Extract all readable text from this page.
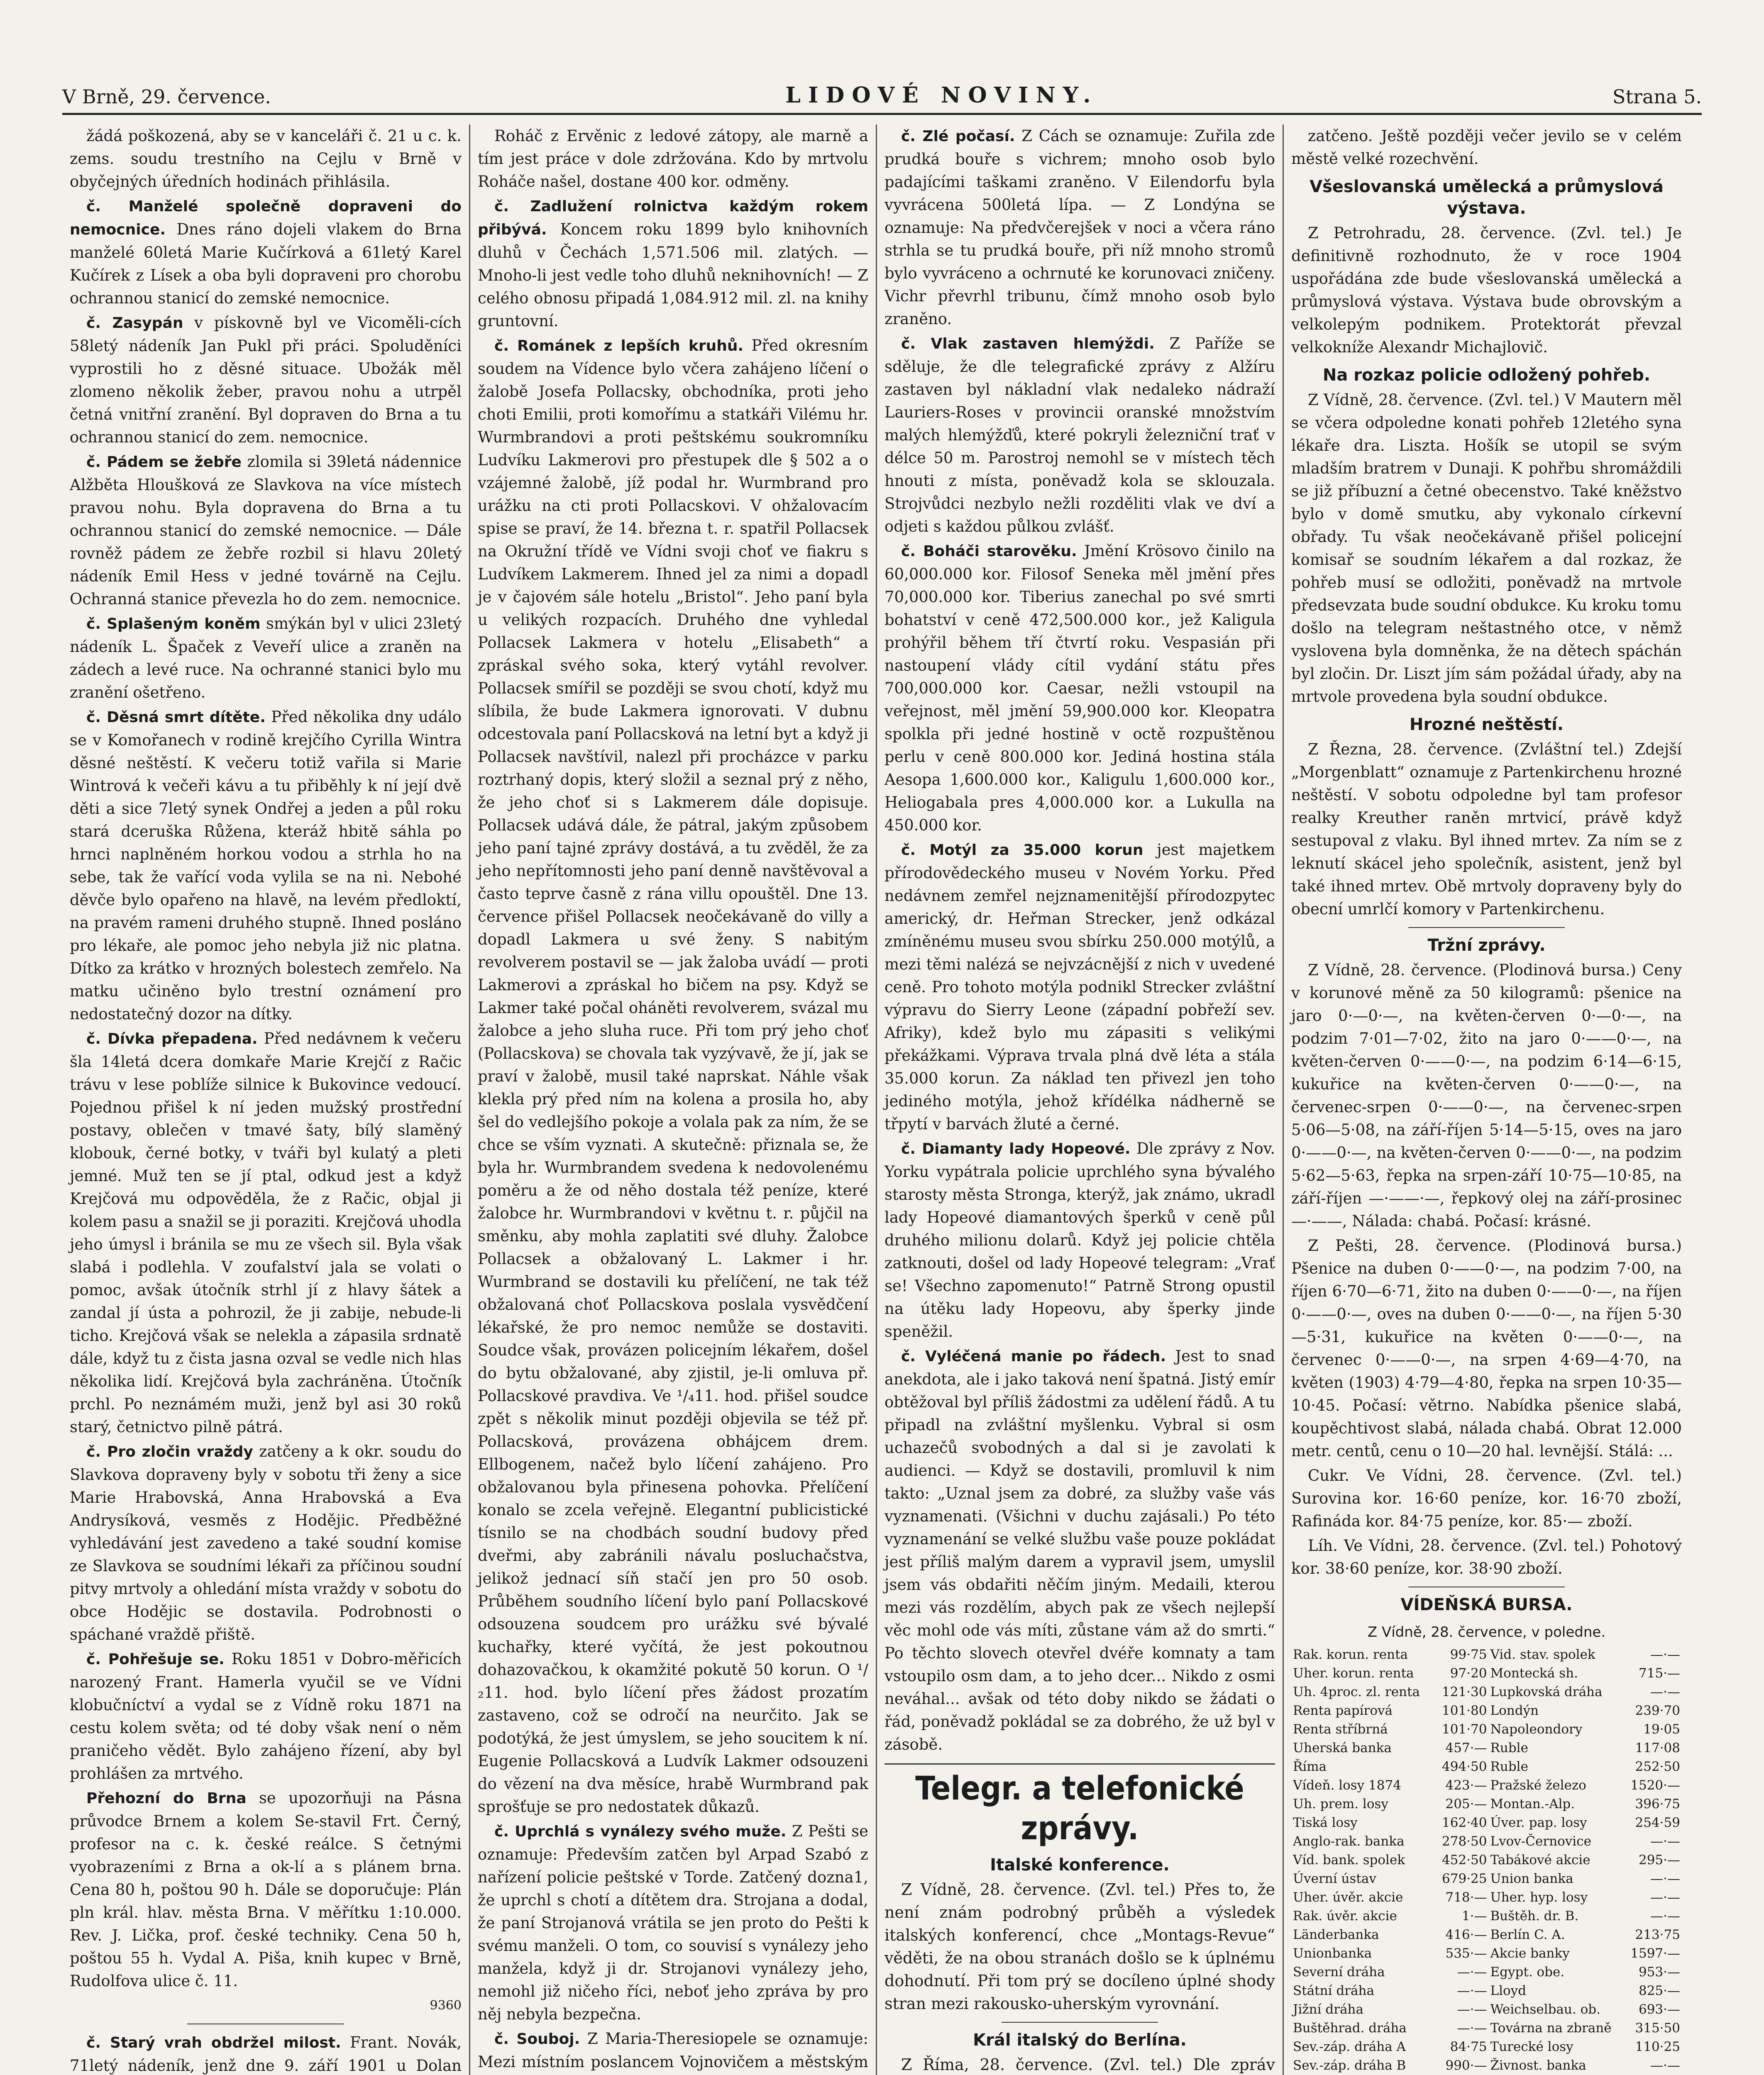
V Brně, 29. července.	LIDOVÉ NOVINY.	Strana 5.

žádá poškozená, aby se v kanceláři č. 21 u c. k. zems. soudu trestního na Cejlu v Brně v obyčejných úředních hodinách přihlásila.

č. Manželé společně dopraveni do nemocnice. Dnes ráno dojeli vlakem do Brna manželé 60letá Marie Kučírková a 61letý Karel Kučírek z Lísek a oba byli dopraveni pro chorobu ochrannou stanicí do zemské nemocnice.

č. Zasypán v pískovně byl ve Vicoměli-cích 58letý nádeník Jan Pukl při práci. Spoluděníci vyprostili ho z děsné situace. Ubožák měl zlomeno několik žeber, pravou nohu a utrpěl četná vnitřní zranění. Byl dopraven do Brna a tu ochrannou stanicí do zem. nemocnice.

č. Pádem se žebře zlomila si 39letá nádennice Alžběta Hloušková ze Slavkova na více místech pravou nohu. Byla dopravena do Brna a tu ochrannou stanicí do zemské nemocnice. — Dále rovněž pádem ze žebře rozbil si hlavu 20letý nádeník Emil Hess v jedné továrně na Cejlu. Ochranná stanice převezla ho do zem. nemocnice.

č. Splašeným koněm smýkán byl v ulici 23letý nádeník L. Špaček z Veveří ulice a zraněn na zádech a levé ruce. Na ochranné stanici bylo mu zranění ošetřeno.

č. Děsná smrt dítěte. Před několika dny událo se v Komořanech v rodině krejčího Cyrilla Wintra děsné neštěstí. K večeru totiž vařila si Marie Wintrová k večeři kávu a tu přiběhly k ní její dvě děti a sice 7letý synek Ondřej a jeden a půl roku stará dceruška Růžena, kteráž hbitě sáhla po hrnci naplněném horkou vodou a strhla ho na sebe, tak že vařící voda vylila se na ni. Nebohé děvče bylo opařeno na hlavě, na levém předloktí, na pravém rameni druhého stupně. Ihned posláno pro lékaře, ale pomoc jeho nebyla již nic platna. Dítko za krátko v hrozných bolestech zemřelo. Na matku učiněno bylo trestní oznámení pro nedostatečný dozor na dítky.

č. Dívka přepadena. Před nedávnem k večeru šla 14letá dcera domkaře Marie Krejčí z Račic trávu v lese poblíže silnice k Bukovince vedoucí. Pojednou přišel k ní jeden mužský prostřední postavy, oblečen v tmavé šaty, bílý slaměný klobouk, černé botky, v tváři byl kulatý a pleti jemné. Muž ten se jí ptal, odkud jest a když Krejčová mu odpověděla, že z Račic, objal ji kolem pasu a snažil se ji poraziti. Krejčová uhodla jeho úmysl i bránila se mu ze všech sil. Byla však slabá i podlehla. V zoufalství jala se volati o pomoc, avšak útočník strhl jí z hlavy šátek a zandal jí ústa a pohrozil, že ji zabije, nebude-li ticho. Krejčová však se nelekla a zápasila srdnatě dále, když tu z čista jasna ozval se vedle nich hlas několika lidí. Krejčová byla zachráněna. Útočník prchl. Po neznámém muži, jenž byl asi 30 roků starý, četnictvo pilně pátrá.

č. Pro zločin vraždy zatčeny a k okr. soudu do Slavkova dopraveny byly v sobotu tři ženy a sice Marie Hrabovská, Anna Hrabovská a Eva Andrysíková, vesměs z Hodějic. Předběžné vyhledávání jest zavedeno a také soudní komise ze Slavkova se soudními lékaři za příčinou soudní pitvy mrtvoly a ohledání místa vraždy v sobotu do obce Hodějic se dostavila. Podrobnosti o spáchané vraždě přiště.

č. Pohřešuje se. Roku 1851 v Dobro-měřicích narozený Frant. Hamerla vyučil se ve Vídni klobučníctví a vydal se z Vídně roku 1871 na cestu kolem světa; od té doby však není o něm praničeho vědět. Bylo zahájeno řízení, aby byl prohlášen za mrtvého.

Přehozní do Brna se upozorňuji na Pásna průvodce Brnem a kolem Se-stavil Frt. Černý, profesor na c. k. české reálce. S četnými vyobrazeními z Brna a ok-lí a s plánem brna. Cena 80 h, poštou 90 h. Dále se doporučuje: Plán pln král. hlav. města Brna. V měřítku 1:10.000. Rev. J. Lička, prof. české techniky. Cena 50 h, poštou 55 h. Vydal A. Piša, knih kupec v Brně, Rudolfova ulice č. 11.

9360

č. Starý vrah obdržel milost. Frant. Novák, 71letý nádeník, jenž dne 9. září 1901 u Dolan

Roháč z Ervěnic z ledové zátopy, ale marně a tím jest práce v dole zdržována. Kdo by mrtvolu Roháče našel, dostane 400 kor. odměny.

č. Zadlužení rolnictva každým rokem přibývá. Koncem roku 1899 bylo knihovních dluhů v Čechách 1,571.506 mil. zlatých. — Mnoho-li jest vedle toho dluhů neknihovních! — Z celého obnosu připadá 1,084.912 mil. zl. na knihy gruntovní.

č. Románek z lepších kruhů. Před okresním soudem na Vídence bylo včera zahájeno líčení o žalobě Josefa Pollacsky, obchodníka, proti jeho choti Emilii, proti komořímu a statkáři Vilému hr. Wurmbrandovi a proti peštskému soukromníku Ludvíku Lakmerovi pro přestupek dle § 502 a o vzájemné žalobě, jíž podal hr. Wurmbrand pro urážku na cti proti Pollacskovi. V ohžalovacím spise se praví, že 14. března t. r. spatřil Pollacsek na Okružní třídě ve Vídni svoji choť ve fiakru s Ludvíkem Lakmerem. Ihned jel za nimi a dopadl je v čajovém sále hotelu „Bristol“. Jeho paní byla u velikých rozpacích. Druhého dne vyhledal Pollacsek Lakmera v hotelu „Elisabeth“ a zpráskal svého soka, který vytáhl revolver. Pollacsek smířil se později se svou chotí, když mu slíbila, že bude Lakmera ignorovati. V dubnu odcestovala paní Pollacsková na letní byt a když ji Pollacsek navštívil, nalezl při procházce v parku roztrhaný dopis, který složil a seznal prý z něho, že jeho choť si s Lakmerem dále dopisuje. Pollacsek udává dále, že pátral, jakým způsobem jeho paní tajné zprávy dostává, a tu zvěděl, že za jeho nepřítomnosti jeho paní denně navštěvoval a často teprve časně z rána villu opouštěl. Dne 13. července přišel Pollacsek neočekávaně do villy a dopadl Lakmera u své ženy. S nabitým revolverem postavil se — jak žaloba uvádí — proti Lakmerovi a zpráskal ho bičem na psy. Když se Lakmer také počal oháněti revolverem, svázal mu žalobce a jeho sluha ruce. Při tom prý jeho choť (Pollacskova) se chovala tak vyzývavě, že jí, jak se praví v žalobě, musil také naprskat. Náhle však klekla prý před ním na kolena a prosila ho, aby šel do vedlejšího pokoje a volala pak za ním, že se chce se vším vyznati. A skutečně: přiznala se, že byla hr. Wurmbrandem svedena k nedovolenému poměru a že od něho dostala též peníze, které žalobce hr. Wurmbrandovi v květnu t. r. půjčil na směnku, aby mohla zaplatiti své dluhy. Žalobce Pollacsek a obžalovaný L. Lakmer i hr. Wurmbrand se dostavili ku přelíčení, ne tak též obžalovaná choť Pollacskova poslala vysvědčení lékařské, že pro nemoc nemůže se dostaviti. Soudce však, provázen policejním lékařem, došel do bytu obžalované, aby zjistil, je-li omluva př. Pollacskové pravdiva. Ve ¹/₄11. hod. přišel soudce zpět s několik minut později objevila se též př. Pollacsková, provázena obhájcem drem. Ellbogenem, načež bylo líčení zahájeno. Pro obžalovanou byla přinesena pohovka. Přelíčení konalo se zcela veřejně. Elegantní publicistické tísnilo se na chodbách soudní budovy před dveřmi, aby zabránili návalu posluchačstva, jelikož jednací síň stačí jen pro 50 osob. Průběhem soudního líčení bylo paní Pollacskové odsouzena soudcem pro urážku své bývalé kuchařky, které vyčítá, že jest pokoutnou dohazovačkou, k okamžité pokutě 50 korun. O ¹/₂11. hod. bylo líčení přes žádost prozatím zastaveno, což se odročí na neurčito. Jak se podotýká, že jest úmyslem, se jeho soucitem k ní. Eugenie Pollacsková a Ludvík Lakmer odsouzeni do vězení na dva měsíce, hrabě Wurmbrand pak sprošťuje se pro nedostatek důkazů.

č. Uprchlá s vynálezy svého muže. Z Pešti se oznamuje: Především zatčen byl Arpad Szabó z nařízení policie peštské v Torde. Zatčený dozna1, že uprchl s chotí a dítětem dra. Strojana a dodal, že paní Strojanová vrátila se jen proto do Pešti k svému manželi. O tom, co souvisí s vynálezy jeho manžela, když ji dr. Strojanovi vynálezy jeho, nemohl již ničeho říci, neboť jeho zpráva by pro něj nebyla bezpečna.

č. Souboj. Z Maria-Theresiopele se oznamuje: Mezi místním poslancem Vojnovičem a městským

č. Zlé počasí. Z Cách se oznamuje: Zuřila zde prudká bouře s vichrem; mnoho osob bylo padajícími taškami zraněno. V Eilendorfu byla vyvrácena 500letá lípa. — Z Londýna se oznamuje: Na předvčerejšek v noci a včera ráno strhla se tu prudká bouře, při níž mnoho stromů bylo vyvráceno a ochrnuté ke korunovaci zničeny. Vichr převrhl tribunu, čímž mnoho osob bylo zraněno.

č. Vlak zastaven hlemýždi. Z Paříže se sděluje, že dle telegrafické zprávy z Alžíru zastaven byl nákladní vlak nedaleko nádraží Lauriers-Roses v provincii oranské množstvím malých hlemýžďů, které pokryli železniční trať v délce 50 m. Parostroj nemohl se v místech těch hnouti z místa, poněvadž kola se sklouzala. Strojvůdci nezbylo nežli rozděliti vlak ve dví a odjeti s každou půlkou zvlášť.

č. Boháči starověku. Jmění Krösovo činilo na 60,000.000 kor. Filosof Seneka měl jmění přes 70,000.000 kor. Tiberius zanechal po své smrti bohatství v ceně 472,500.000 kor., jež Kaligula prohýřil během tří čtvrtí roku. Vespasián při nastoupení vlády cítil vydání státu přes 700,000.000 kor. Caesar, nežli vstoupil na veřejnost, měl jmění 59,900.000 kor. Kleopatra spolkla při jedné hostině v octě rozpuštěnou perlu v ceně 800.000 kor. Jediná hostina stála Aesopa 1,600.000 kor., Kaligulu 1,600.000 kor., Heliogabala pres 4,000.000 kor. a Lukulla na 450.000 kor.

č. Motýl za 35.000 korun jest majetkem přírodovědeckého museu v Novém Yorku. Před nedávnem zemřel nejznamenitější přírodozpytec americký, dr. Heřman Strecker, jenž odkázal zmíněnému museu svou sbírku 250.000 motýlů, a mezi těmi nalézá se nejvzácnější z nich v uvedené ceně. Pro tohoto motýla podnikl Strecker zvláštní výpravu do Sierry Leone (západní pobřeží sev. Afriky), kdež bylo mu zápasiti s velikými překážkami. Výprava trvala plná dvě léta a stála 35.000 korun. Za náklad ten přivezl jen toho jediného motýla, jehož křídélka nádherně se třpytí v barvách žluté a černé.

č. Diamanty lady Hopeové. Dle zprávy z Nov. Yorku vypátrala policie uprchlého syna bývalého starosty města Stronga, kterýž, jak známo, ukradl lady Hopeové diamantových šperků v ceně půl druhého milionu dolarů. Když jej policie chtěla zatknouti, došel od lady Hopeové telegram: „Vrať se! Všechno zapomenuto!“ Patrně Strong opustil na útěku lady Hopeovu, aby šperky jinde speněžil.

č. Vyléčená manie po řádech. Jest to snad anekdota, ale i jako taková není špatná. Jistý emír obtěžoval byl příliš žádostmi za udělení řádů. A tu připadl na zvláštní myšlenku. Vybral si osm uchazečů svobodných a dal si je zavolati k audienci. — Když se dostavili, promluvil k nim takto: „Uznal jsem za dobré, za služby vaše vás vyznamenati. (Všichni v duchu zajásali.) Po této vyznamenání se velké službu vaše pouze pokládat jest příliš malým darem a vypravil jsem, umyslil jsem vás obdařiti něčím jiným. Medaili, kterou mezi vás rozdělím, abych pak ze všech nejlepší věc mohl ode vás míti, zůstane vám až do smrti.“ Po těchto slovech otevřel dvéře komnaty a tam vstoupilo osm dam, a to jeho dcer... Nikdo z osmi neváhal... avšak od této doby nikdo se žádati o řád, poněvadž pokládal se za dobrého, že už byl v zásobě.

Telegr. a telefonické zprávy.
Italské konference.

Z Vídně, 28. července. (Zvl. tel.) Přes to, že není znám podrobný průběh a výsledek italských konferencí, chce „Montags-Revue“ věděti, že na obou stranách došlo se k úplnému dohodnutí. Při tom prý se docíleno úplné shody stran mezi rakousko-uherským vyrovnání.

Král italský do Berlína.

Z Říma, 28. července. (Zvl. tel.) Dle zpráv

zatčeno. Ještě později večer jevilo se v celém městě velké rozechvění.

Všeslovanská umělecká a průmyslová výstava.

Z Petrohradu, 28. července. (Zvl. tel.) Je definitivně rozhodnuto, že v roce 1904 uspořádána zde bude všeslovanská umělecká a průmyslová výstava. Výstava bude obrovským a velkolepým podnikem. Protektorát převzal velkokníže Alexandr Michajlovič.

Na rozkaz policie odložený pohřeb.

Z Vídně, 28. července. (Zvl. tel.) V Mautern měl se včera odpoledne konati pohřeb 12letého syna lékaře dra. Liszta. Hošík se utopil se svým mladším bratrem v Dunaji. K pohřbu shromáždili se již příbuzní a četné obecenstvo. Také kněžstvo bylo v domě smutku, aby vykonalo církevní obřady. Tu však neočekávaně přišel policejní komisař se soudním lékařem a dal rozkaz, že pohřeb musí se odložiti, poněvadž na mrtvole předsevzata bude soudní obdukce. Ku kroku tomu došlo na telegram neštastného otce, v němž vyslovena byla domněnka, že na dětech spáchán byl zločin. Dr. Liszt jím sám požádal úřady, aby na mrtvole provedena byla soudní obdukce.

Hrozné neštěstí.

Z Řezna, 28. července. (Zvláštní tel.) Zdejší „Morgenblatt“ oznamuje z Partenkirchenu hrozné neštěstí. V sobotu odpoledne byl tam profesor realky Kreuther raněn mrtvicí, právě když sestupoval z vlaku. Byl ihned mrtev. Za ním se z leknutí skácel jeho společník, asistent, jenž byl také ihned mrtev. Obě mrtvoly dopraveny byly do obecní umrlčí komory v Partenkirchenu.

Tržní zprávy.

Z Vídně, 28. července. (Plodinová bursa.) Ceny v korunové měně za 50 kilogramů: pšenice na jaro 0·—0·—, na květen-červen 0·—0·—, na podzim 7·01—7·02, žito na jaro 0·——0·—, na květen-červen 0·——0·—, na podzim 6·14—6·15, kukuřice na květen-červen 0·——0·—, na červenec-srpen 0·——0·—, na červenec-srpen 5·06—5·08, na září-říjen 5·14—5·15, oves na jaro 0·——0·—, na květen-červen 0·——0·—, na podzim 5·62—5·63, řepka na srpen-září 10·75—10·85, na září-říjen —·——·—, řepkový olej na září-prosinec —·——, Nálada: chabá. Počasí: krásné.

Z Pešti, 28. července. (Plodinová bursa.) Pšenice na duben 0·——0·—, na podzim 7·00, na říjen 6·70—6·71, žito na duben 0·——0·—, na říjen 0·——0·—, oves na duben 0·——0·—, na říjen 5·30—5·31, kukuřice na květen 0·——0·—, na červenec 0·——0·—, na srpen 4·69—4·70, na květen (1903) 4·79—4·80, řepka na srpen 10·35—10·45. Počasí: větrno. Nabídka pšenice slabá, koupěchtivost slabá, nálada chabá. Obrat 12.000 metr. centů, cenu o 10—20 hal. levnější. Stálá: ...

Cukr. Ve Vídni, 28. července. (Zvl. tel.) Surovina kor. 16·60 peníze, kor. 16·70 zboží, Rafináda kor. 84·75 peníze, kor. 85·— zboží.

Líh. Ve Vídni, 28. července. (Zvl. tel.) Pohotový kor. 38·60 peníze, kor. 38·90 zboží.

VÍDEŇSKÁ BURSA.
Z Vídně, 28. července, v poledne.
Rak. korun. renta	99·75	Vid. stav. spolek	—·—
Uher. korun. renta	97·20	Montecká sh.	715·—
Uh. 4proc. zl. renta	121·30	Lupkovská dráha	—·—
Renta papírová	101·80	Londýn	239·70
Renta stříbrná	101·70	Napoleondory	19·05
Uherská banka	457·—	Ruble	117·08
Říma	494·50	Ruble	252·50
Vídeň. losy 1874	423·—	Pražské železo	1520·—
Uh. prem. losy	205·—	Montan.-Alp.	396·75
Tiská losy	162·40	Úver. pap. losy	254·59
Anglo-rak. banka	278·50	Lvov-Černovice	—·—
Víd. bank. spolek	452·50	Tabákové akcie	295·—
Úverní ústav	679·25	Union banka	—·—
Uher. úvěr. akcie	718·—	Uher. hyp. losy	—·—
Rak. úvěr. akcie	1·—	Buštěh. dr. B.	—·—
Länderbanka	416·—	Berlín C. A.	213·75
Unionbanka	535·—	Akcie banky	1597·—
Severní dráha	—·—	Egypt. obe.	953·—
Státní dráha	—·—	Lloyd	825·—
Jižní dráha	—·—	Weichselbau. ob.	693·—
Buštěhrad. dráha	—·—	Továrna na zbraně	315·50
Sev.-záp. dráha A	84·75	Turecké losy	110·25
Sev.-záp. dráha B	990·—	Živnost. banka	—·—
